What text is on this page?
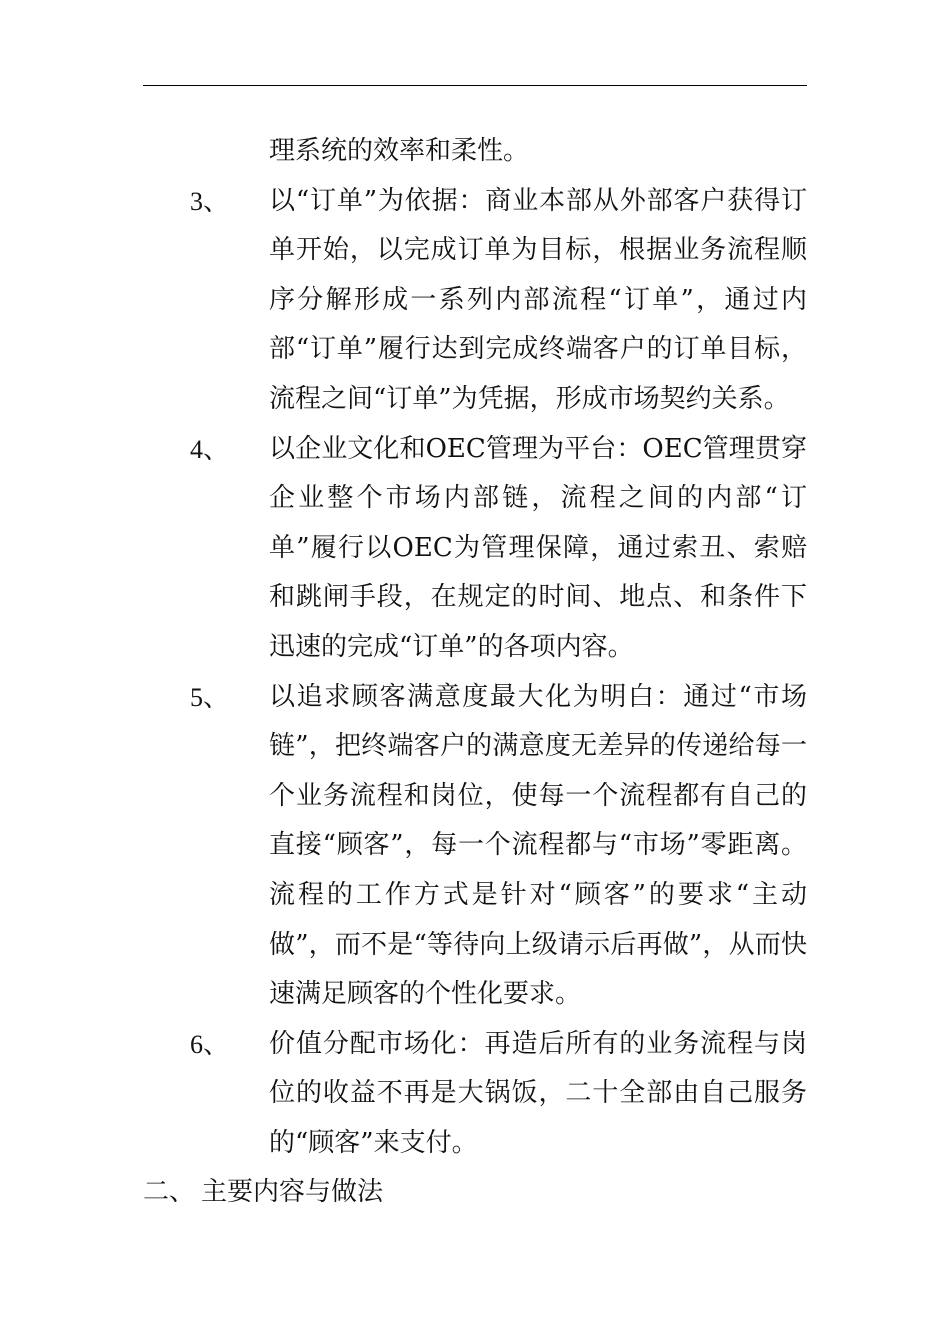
理系统的效率和柔性。
3、 以“订单”为依据：商业本部从外部客户获得订单开始，以完成订单为目标，根据业务流程顺序分解形成一系列内部流程“订单”，通过内部“订单”履行达到完成终端客户的订单目标，流程之间“订单”为凭据，形成市场契约关系。
4、 以企业文化和OEC管理为平台：OEC管理贯穿企业整个市场内部链，流程之间的内部“订单”履行以OEC为管理保障，通过索丑、索赔和跳闸手段，在规定的时间、地点、和条件下迅速的完成“订单”的各项内容。
5、 以追求顾客满意度最大化为明白：通过“市场链”，把终端客户的满意度无差异的传递给每一个业务流程和岗位，使每一个流程都有自己的直接“顾客”，每一个流程都与“市场”零距离。流程的工作方式是针对“顾客”的要求“主动做”，而不是“等待向上级请示后再做”，从而快速满足顾客的个性化要求。
6、 价值分配市场化：再造后所有的业务流程与岗位的收益不再是大锅饭，二十全部由自己服务的“顾客”来支付。
二、 主要内容与做法
